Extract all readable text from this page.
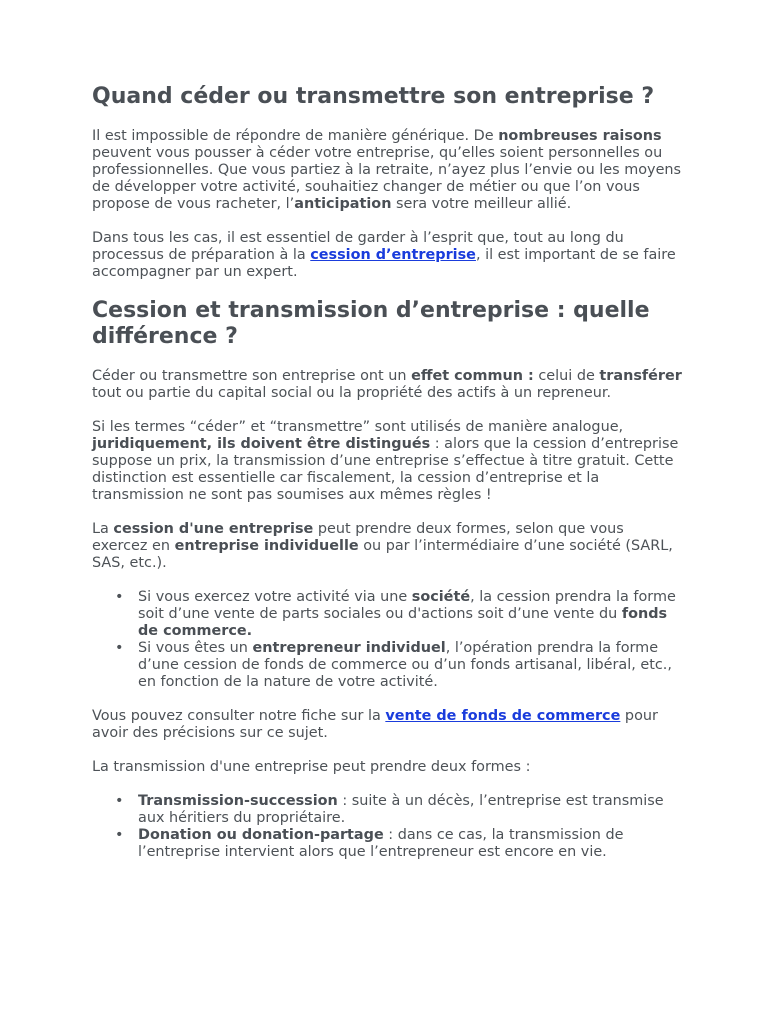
Quand céder ou transmettre son entreprise ?

Il est impossible de répondre de manière générique. De nombreuses raisons peuvent vous pousser à céder votre entreprise, qu’elles soient personnelles ou professionnelles. Que vous partiez à la retraite, n’ayez plus l’envie ou les moyens de développer votre activité, souhaitiez changer de métier ou que l’on vous propose de vous racheter, l’anticipation sera votre meilleur allié.

Dans tous les cas, il est essentiel de garder à l’esprit que, tout au long du processus de préparation à la cession d’entreprise, il est important de se faire accompagner par un expert.

Cession et transmission d’entreprise : quelle différence ?

Céder ou transmettre son entreprise ont un effet commun : celui de transférer tout ou partie du capital social ou la propriété des actifs à un repreneur.

Si les termes “céder” et “transmettre” sont utilisés de manière analogue, juridiquement, ils doivent être distingués : alors que la cession d’entreprise suppose un prix, la transmission d’une entreprise s’effectue à titre gratuit. Cette distinction est essentielle car fiscalement, la cession d’entreprise et la transmission ne sont pas soumises aux mêmes règles !

La cession d'une entreprise peut prendre deux formes, selon que vous exercez en entreprise individuelle ou par l’intermédiaire d’une société (SARL, SAS, etc.).

• Si vous exercez votre activité via une société, la cession prendra la forme soit d’une vente de parts sociales ou d'actions soit d’une vente du fonds de commerce.
• Si vous êtes un entrepreneur individuel, l’opération prendra la forme d’une cession de fonds de commerce ou d’un fonds artisanal, libéral, etc., en fonction de la nature de votre activité.

Vous pouvez consulter notre fiche sur la vente de fonds de commerce pour avoir des précisions sur ce sujet.

La transmission d'une entreprise peut prendre deux formes :

• Transmission-succession : suite à un décès, l’entreprise est transmise aux héritiers du propriétaire.
• Donation ou donation-partage : dans ce cas, la transmission de l’entreprise intervient alors que l’entrepreneur est encore en vie.
